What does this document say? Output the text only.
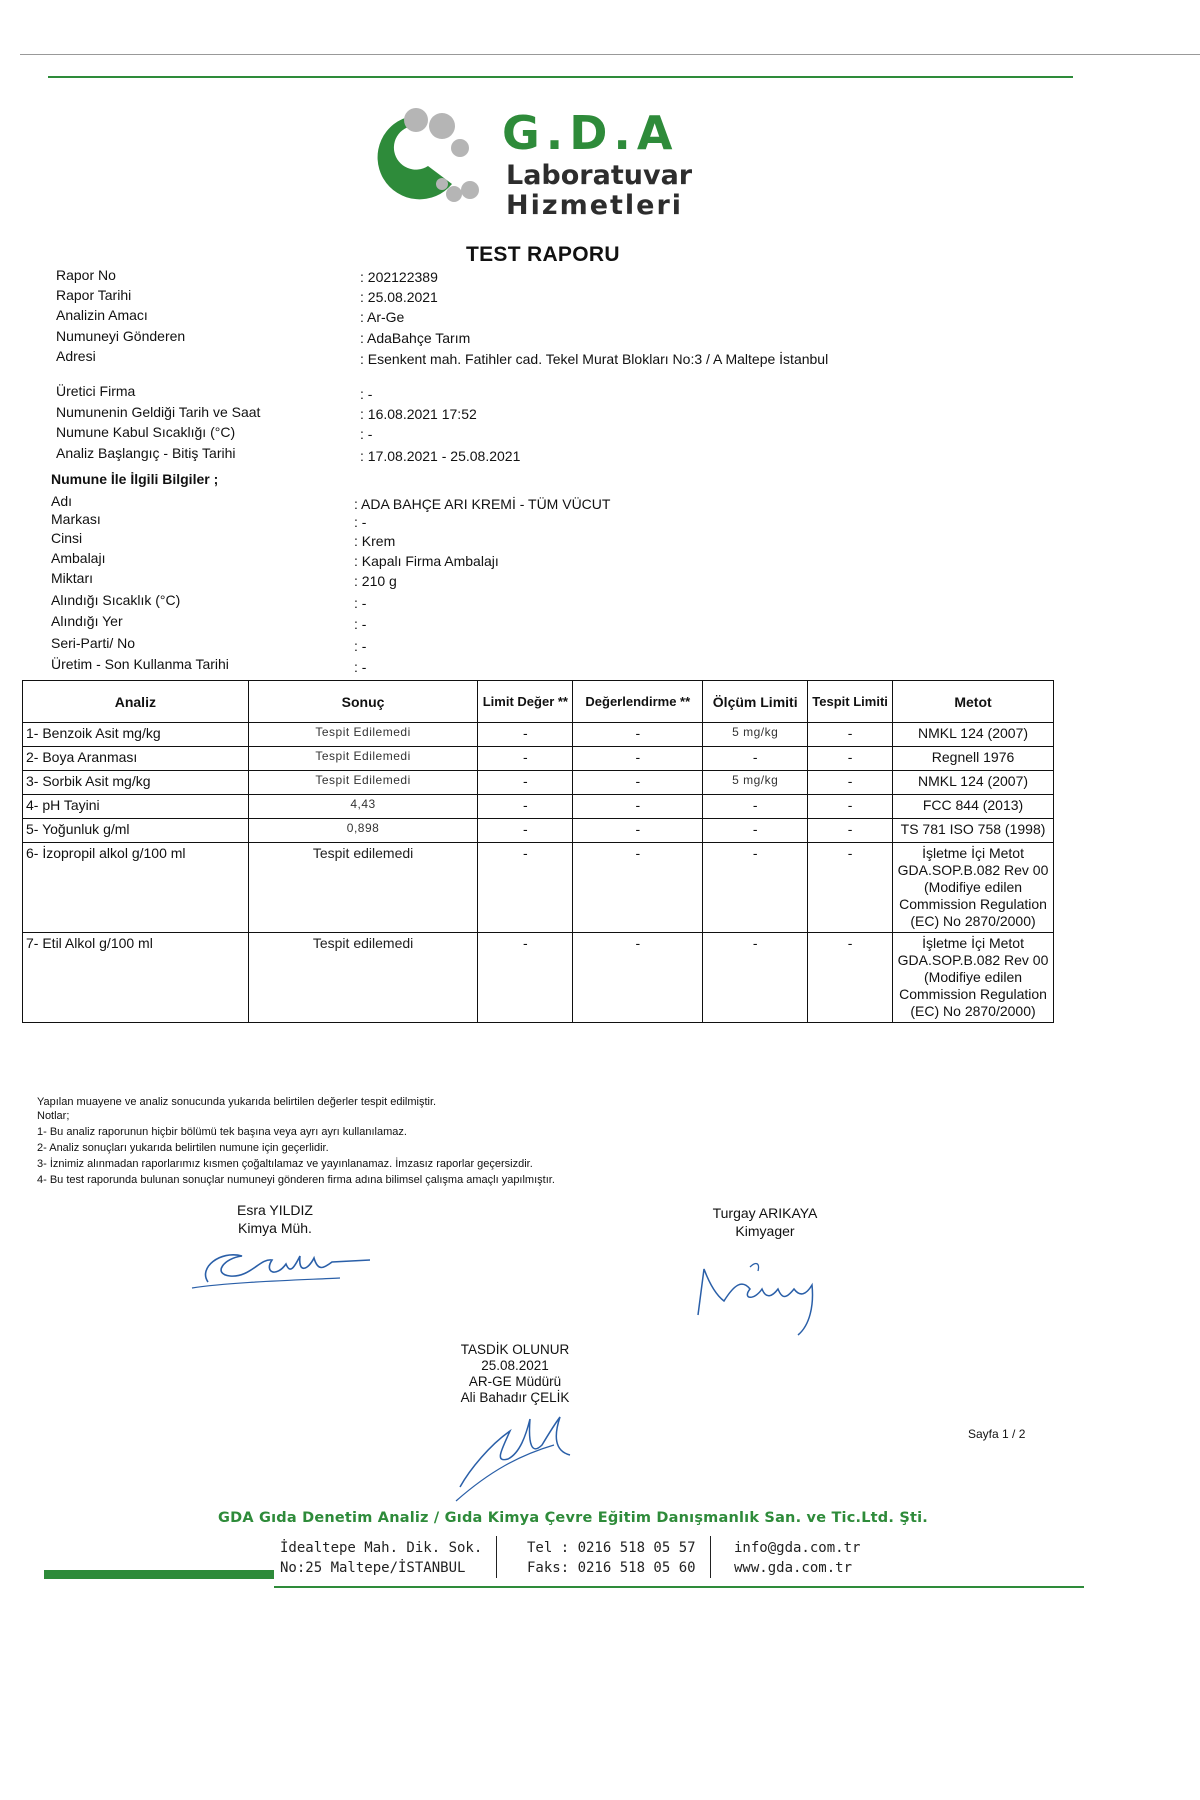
G.D.A
Laboratuvar
Hizmetleri
TEST RAPORU
Rapor No	: 202122389
Rapor Tarihi	: 25.08.2021
Analizin Amacı	: Ar-Ge
Numuneyi Gönderen	: AdaBahçe Tarım
Adresi	: Esenkent mah. Fatihler cad. Tekel Murat Blokları No:3 / A Maltepe İstanbul
Üretici Firma	: -
Numunenin Geldiği Tarih ve Saat	: 16.08.2021 17:52
Numune Kabul Sıcaklığı (°C)	: -
Analiz Başlangıç - Bitiş Tarihi	: 17.08.2021 - 25.08.2021
Numune İle İlgili Bilgiler ;
Adı	: ADA BAHÇE ARI KREMİ - TÜM VÜCUT
Markası	: -
Cinsi	: Krem
Ambalajı	: Kapalı Firma Ambalajı
Miktarı	: 210 g
Alındığı Sıcaklık (°C)	: -
Alındığı Yer	: -
Seri-Parti/ No	: -
Üretim - Son Kullanma Tarihi	: -
Analiz	Sonuç	Limit Değer **	Değerlendirme **	Ölçüm Limiti	Tespit Limiti	Metot
1- Benzoik Asit mg/kg	Tespit Edilemedi	-	-	5 mg/kg	-	NMKL 124 (2007)
2- Boya Aranması	Tespit Edilemedi	-	-	-	-	Regnell 1976
3- Sorbik Asit mg/kg	Tespit Edilemedi	-	-	5 mg/kg	-	NMKL 124 (2007)
4- pH Tayini	4,43	-	-	-	-	FCC 844 (2013)
5- Yoğunluk g/ml	0,898	-	-	-	-	TS 781 ISO 758 (1998)
6- İzopropil alkol g/100 ml	Tespit edilemedi	-	-	-	-	İşletme İçi Metot GDA.SOP.B.082 Rev 00 (Modifiye edilen Commission Regulation (EC) No 2870/2000)
7- Etil Alkol g/100 ml	Tespit edilemedi	-	-	-	-	İşletme İçi Metot GDA.SOP.B.082 Rev 00 (Modifiye edilen Commission Regulation (EC) No 2870/2000)
Yapılan muayene ve analiz sonucunda yukarıda belirtilen değerler tespit edilmiştir.
Notlar;
1- Bu analiz raporunun hiçbir bölümü tek başına veya ayrı ayrı kullanılamaz.
2- Analiz sonuçları yukarıda belirtilen numune için geçerlidir.
3- İznimiz alınmadan raporlarımız kısmen çoğaltılamaz ve yayınlanamaz. İmzasız raporlar geçersizdir.
4- Bu test raporunda bulunan sonuçlar numuneyi gönderen firma adına bilimsel çalışma amaçlı yapılmıştır.
Esra YILDIZ
Kimya Müh.
Turgay ARIKAYA
Kimyager
TASDİK OLUNUR
25.08.2021
AR-GE Müdürü
Ali Bahadır ÇELİK
Sayfa 1 / 2
GDA Gıda Denetim Analiz / Gıda Kimya Çevre Eğitim Danışmanlık San. ve Tic.Ltd. Şti.
İdealtepe Mah. Dik. Sok.
No:25 Maltepe/İSTANBUL
Tel : 0216 518 05 57
Faks: 0216 518 05 60
info@gda.com.tr
www.gda.com.tr
